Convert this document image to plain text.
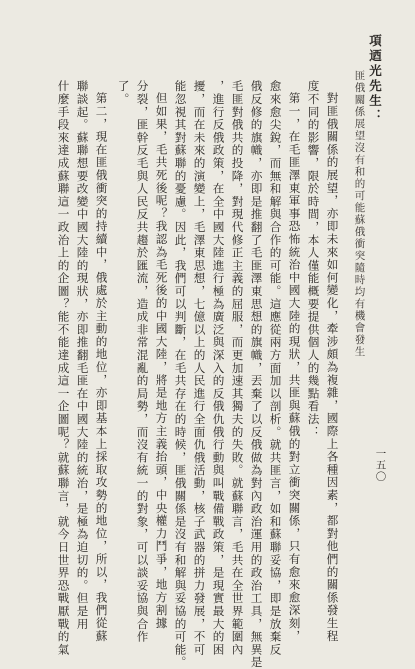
項迺光先生：
匪俄關係展望沒有和的可能蘇俄衝突隨時均有機會發生
對匪俄關係的展望，亦即未來如何變化，牽涉頗為複雜，國際上各種因素，都對他們的關係發生程
度不同的影響，限於時間，本人僅能概要提供個人的幾點看法：
第一，在毛匪澤東軍事恐怖統治中國大陸的現狀，共匪與蘇俄的對立衝突關係，只有愈來愈深刻，
愈來愈尖銳，而無和解與合作的可能。這應從兩方面加以剖析。就共匪言，如和蘇聯妥協，即是放棄反
俄反修的旗幟，亦即是推翻了毛匪澤東思想的旗幟，丟棄了以反俄做為對內政治運用的政治工具，無異是
毛匪對俄共的投降，對現代修正主義的屈服，而更加速其獨夫的失敗。就蘇聯言，毛共在全世界範圍內
，進行反俄政策，在全中國大陸進行極為廣泛與深入的反俄仇俄行動與叫戰備戰政策，是現實最大的困
擾，而在未來的演變上，毛澤東思想，七億以上的人民進行全面仇俄活動，核子武器的拼力發展，不可
能忽視其對蘇聯的憂慮。因此，我們可以判斷，在毛共存在的時候，匪俄關係是沒有和解與妥協的可能。
但如果，毛共死後呢？我認為毛死後的中國大陸，將是地方主義抬頭，中央權力鬥爭，地方割據
分裂，匪幹反毛與人民反共趨於匯流，造成非常混亂的局勢，而沒有統一的對象，可以談妥協與合作
了。
第二，現在匪俄衝突的持續中，俄處於主動的地位，亦即基本上採取攻勢的地位，所以，我們從蘇
聯談起。蘇聯想要改變中國大陸的現狀，亦即推翻毛匪在中國大陸的統治，是極為迫切的。但是用
什麼手段來達成蘇聯這一政治上的企圖？能不能達成這一企圖呢？就蘇聯言，就今日世界恐戰厭戰的氣	一五〇
